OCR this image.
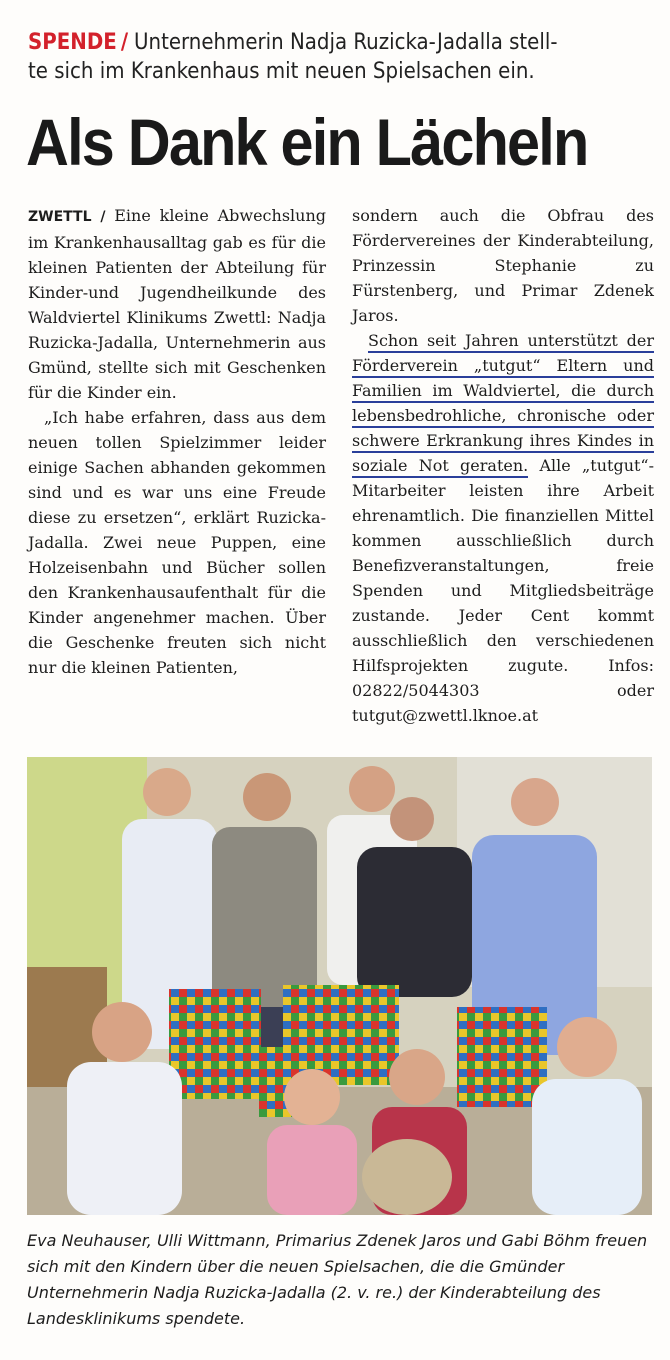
SPENDE / Unternehmerin Nadja Ruzicka-Jadalla stell-
te sich im Krankenhaus mit neuen Spielsachen ein.
Als Dank ein Lächeln

ZWETTL / Eine kleine Abwechslung im Krankenhausalltag gab es für die kleinen Patienten der Abteilung für Kinder-und Jugendheilkunde des Waldviertel Klinikums Zwettl: Nadja Ruzicka-Jadalla, Unternehmerin aus Gmünd, stellte sich mit Geschenken für die Kinder ein.

„Ich habe erfahren, dass aus dem neuen tollen Spielzimmer leider einige Sachen abhanden gekommen sind und es war uns eine Freude diese zu ersetzen“, erklärt Ruzicka-Jadalla. Zwei neue Puppen, eine Holzeisenbahn und Bücher sollen den Krankenhausaufenthalt für die Kinder angenehmer machen. Über die Geschenke freuten sich nicht nur die kleinen Patienten,

sondern auch die Obfrau des Fördervereines der Kinderabteilung, Prinzessin Stephanie zu Fürstenberg, und Primar Zdenek Jaros.

Schon seit Jahren unterstützt der Förderverein „tutgut“ Eltern und Familien im Waldviertel, die durch lebensbedrohliche, chronische oder schwere Erkrankung ihres Kindes in soziale Not geraten. Alle „tutgut“-Mitarbeiter leisten ihre Arbeit ehrenamtlich. Die finanziellen Mittel kommen ausschließlich durch Benefizveranstaltungen, freie Spenden und Mitgliedsbeiträge zustande. Jeder Cent kommt ausschließlich den verschiedenen Hilfsprojekten zugute. Infos: 02822/5044303 oder tutgut@zwettl.lknoe.at

Eva Neuhauser, Ulli Wittmann, Primarius Zdenek Jaros und Gabi Böhm freuen sich mit den Kindern über die neuen Spielsachen, die die Gmünder Unternehmerin Nadja Ruzicka-Jadalla (2. v. re.) der Kinderabteilung des Landesklinikums spendete.
